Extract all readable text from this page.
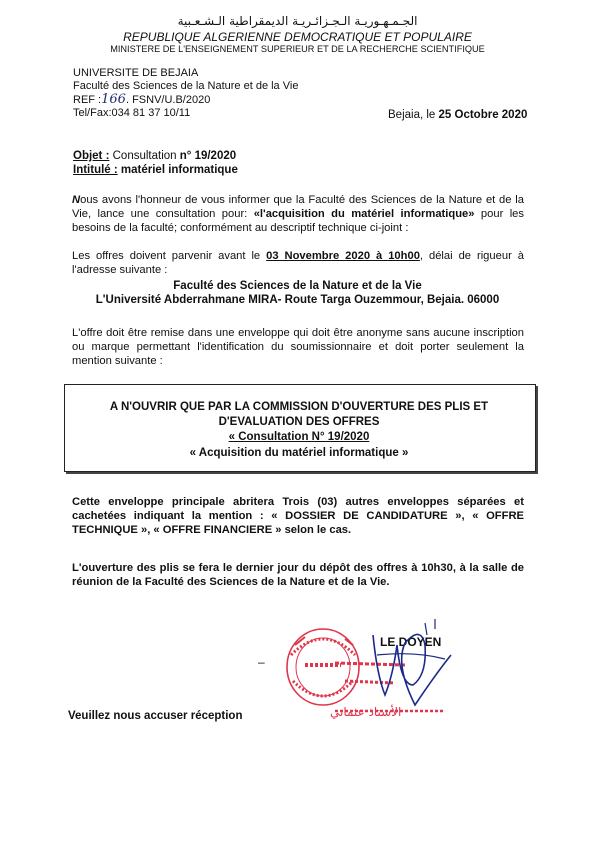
الجـمـهـوريـة الـجـزائـريـة الديمقراطية الـشـعـبية
REPUBLIQUE ALGERIENNE DEMOCRATIQUE ET POPULAIRE
MINISTERE DE L'ENSEIGNEMENT SUPERIEUR ET DE LA RECHERCHE SCIENTIFIQUE
UNIVERSITE DE BEJAIA
Faculté des Sciences de la Nature et de la Vie
REF :166. FSNV/U.B/2020
Tel/Fax:034 81 37 10/11	Bejaia, le 25 Octobre 2020
Objet : Consultation n° 19/2020
Intitulé : matériel informatique
Nous avons l'honneur de vous informer que la Faculté des Sciences de la Nature et de la Vie, lance une consultation pour: «l'acquisition du matériel informatique» pour les besoins de la faculté; conformément au descriptif technique ci-joint :
Les offres doivent parvenir avant le 03 Novembre 2020 à 10h00, délai de rigueur à l'adresse suivante :
Faculté des Sciences de la Nature et de la Vie
L'Université Abderrahmane MIRA- Route Targa Ouzemmour, Bejaia. 06000
L'offre doit être remise dans une enveloppe qui doit être anonyme sans aucune inscription ou marque permettant l'identification du soumissionnaire et doit porter seulement la mention suivante :
A N'OUVRIR QUE PAR LA COMMISSION D'OUVERTURE DES PLIS ET
D'EVALUATION DES OFFRES
« Consultation N° 19/2020
« Acquisition du matériel informatique »
Cette enveloppe principale abritera Trois (03) autres enveloppes séparées et cachetées indiquant la mention : « DOSSIER DE CANDIDATURE », « OFFRE TECHNIQUE », « OFFRE FINANCIERE » selon le cas.
L'ouverture des plis se fera le dernier jour du dépôt des offres à 10h30, à la salle de réunion de la Faculté des Sciences de la Nature et de la Vie.
LE DOYEN
–
الأستاذ عثماني
Veuillez nous accuser réception
